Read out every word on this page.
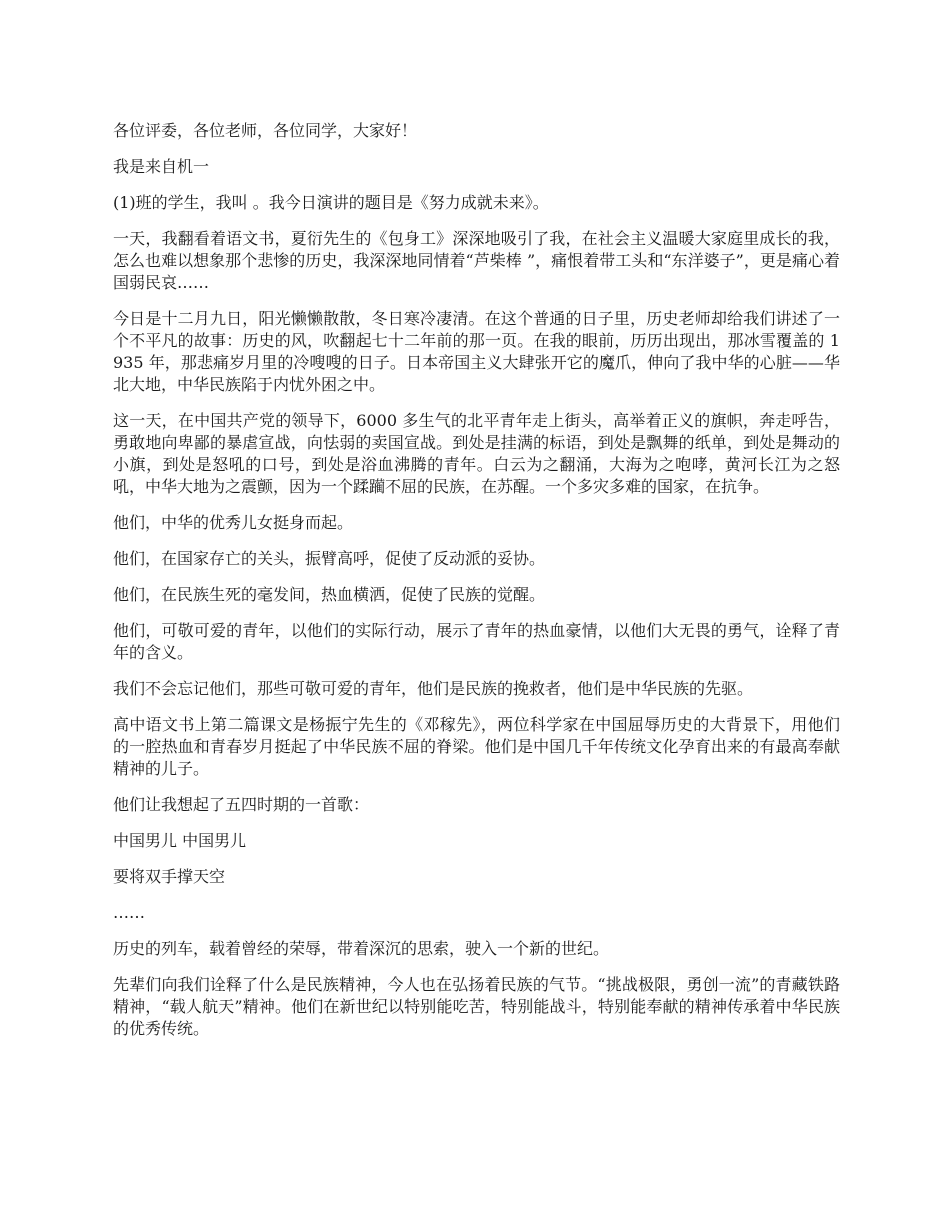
各位评委，各位老师，各位同学，大家好！

我是来自机一

(1)班的学生，我叫 。我今日演讲的题目是《努力成就未来》。

一天，我翻看着语文书，夏衍先生的《包身工》深深地吸引了我，在社会主义温暖大家庭里成长的我，怎么也难以想象那个悲惨的历史，我深深地同情着“芦柴棒 ”，痛恨着带工头和“东洋婆子”，更是痛心着国弱民哀……

今日是十二月九日，阳光懒懒散散，冬日寒冷凄清。在这个普通的日子里，历史老师却给我们讲述了一个不平凡的故事：历史的风，吹翻起七十二年前的那一页。在我的眼前，历历出现出，那冰雪覆盖的 1935 年，那悲痛岁月里的冷嗖嗖的日子。日本帝国主义大肆张开它的魔爪，伸向了我中华的心脏——华北大地，中华民族陷于内忧外困之中。

这一天，在中国共产党的领导下，6000 多生气的北平青年走上街头，高举着正义的旗帜，奔走呼告，勇敢地向卑鄙的暴虐宣战，向怯弱的卖国宣战。到处是挂满的标语，到处是飘舞的纸单，到处是舞动的小旗，到处是怒吼的口号，到处是浴血沸腾的青年。白云为之翻涌，大海为之咆哮，黄河长江为之怒吼，中华大地为之震颤，因为一个蹂躏不屈的民族，在苏醒。一个多灾多难的国家，在抗争。

他们，中华的优秀儿女挺身而起。

他们，在国家存亡的关头，振臂高呼，促使了反动派的妥协。

他们，在民族生死的毫发间，热血横洒，促使了民族的觉醒。

他们，可敬可爱的青年，以他们的实际行动，展示了青年的热血豪情，以他们大无畏的勇气，诠释了青年的含义。

我们不会忘记他们，那些可敬可爱的青年，他们是民族的挽救者，他们是中华民族的先驱。

高中语文书上第二篇课文是杨振宁先生的《邓稼先》，两位科学家在中国屈辱历史的大背景下，用他们的一腔热血和青春岁月挺起了中华民族不屈的脊梁。他们是中国几千年传统文化孕育出来的有最高奉献精神的儿子。

他们让我想起了五四时期的一首歌：

中国男儿 中国男儿

要将双手撑天空

……

历史的列车，载着曾经的荣辱，带着深沉的思索，驶入一个新的世纪。

先辈们向我们诠释了什么是民族精神，今人也在弘扬着民族的气节。“挑战极限，勇创一流”的青藏铁路精神，“载人航天”精神。他们在新世纪以特别能吃苦，特别能战斗，特别能奉献的精神传承着中华民族的优秀传统。
